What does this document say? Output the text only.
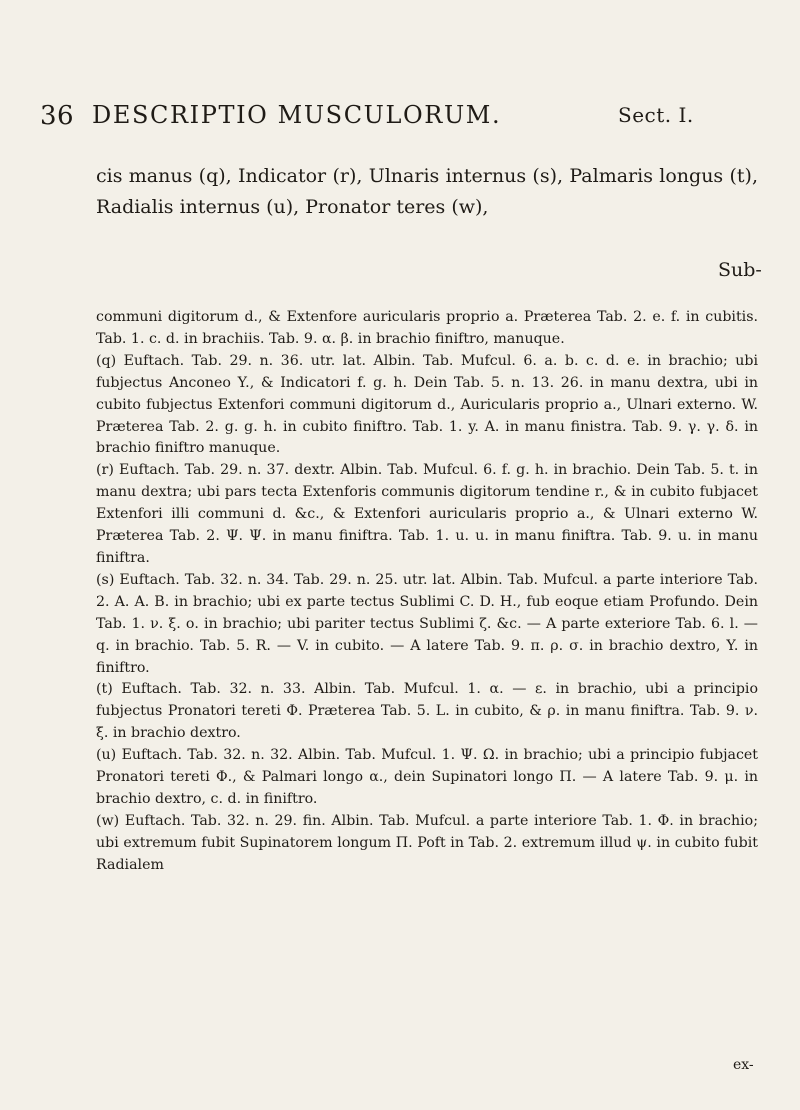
36 DESCRIPTIO MUSCULORUM.	Sect. I.
cis manus (q), Indicator (r), Ulnaris internus (s), Palmaris longus (t), Radialis internus (u), Pronator teres (w),
Sub-

communi digitorum d., & Extenfore auricularis proprio a. Præterea Tab. 2. e. f. in cubitis. Tab. 1. c. d. in brachiis. Tab. 9. α. β. in brachio finiftro, manuque.

(q) Euftach. Tab. 29. n. 36. utr. lat. Albin. Tab. Mufcul. 6. a. b. c. d. e. in brachio; ubi fubjectus Anconeo Y., & Indicatori f. g. h. Dein Tab. 5. n. 13. 26. in manu dextra, ubi in cubito fubjectus Extenfori communi digitorum d., Auricularis proprio a., Ulnari externo. W. Præterea Tab. 2. g. g. h. in cubito finiftro. Tab. 1. y. A. in manu finistra. Tab. 9. γ. γ. δ. in brachio finiftro manuque.

(r) Euftach. Tab. 29. n. 37. dextr. Albin. Tab. Mufcul. 6. f. g. h. in brachio. Dein Tab. 5. t. in manu dextra; ubi pars tecta Extenforis communis digitorum tendine r., & in cubito fubjacet Extenfori illi communi d. &c., & Extenfori auricularis proprio a., & Ulnari externo W. Præterea Tab. 2. Ψ. Ψ. in manu finiftra. Tab. 1. u. u. in manu finiftra. Tab. 9. u. in manu finiftra.

(s) Euftach. Tab. 32. n. 34. Tab. 29. n. 25. utr. lat. Albin. Tab. Mufcul. a parte interiore Tab. 2. A. A. B. in brachio; ubi ex parte tectus Sublimi C. D. H., fub eoque etiam Profundo. Dein Tab. 1. ν. ξ. ο. in brachio; ubi pariter tectus Sublimi ζ. &c. — A parte exteriore Tab. 6. l. — q. in brachio. Tab. 5. R. — V. in cubito. — A latere Tab. 9. π. ρ. σ. in brachio dextro, Y. in finiftro.

(t) Euftach. Tab. 32. n. 33. Albin. Tab. Mufcul. 1. α. — ε. in brachio, ubi a principio fubjectus Pronatori tereti Φ. Præterea Tab. 5. L. in cubito, & ρ. in manu finiftra. Tab. 9. ν. ξ. in brachio dextro.

(u) Euftach. Tab. 32. n. 32. Albin. Tab. Mufcul. 1. Ψ. Ω. in brachio; ubi a principio fubjacet Pronatori tereti Φ., & Palmari longo α., dein Supinatori longo Π. — A latere Tab. 9. μ. in brachio dextro, c. d. in finiftro.

(w) Euftach. Tab. 32. n. 29. fin. Albin. Tab. Mufcul. a parte interiore Tab. 1. Φ. in brachio; ubi extremum fubit Supinatorem longum Π. Poft in Tab. 2. extremum illud ψ. in cubito fubit Radialem

ex-
